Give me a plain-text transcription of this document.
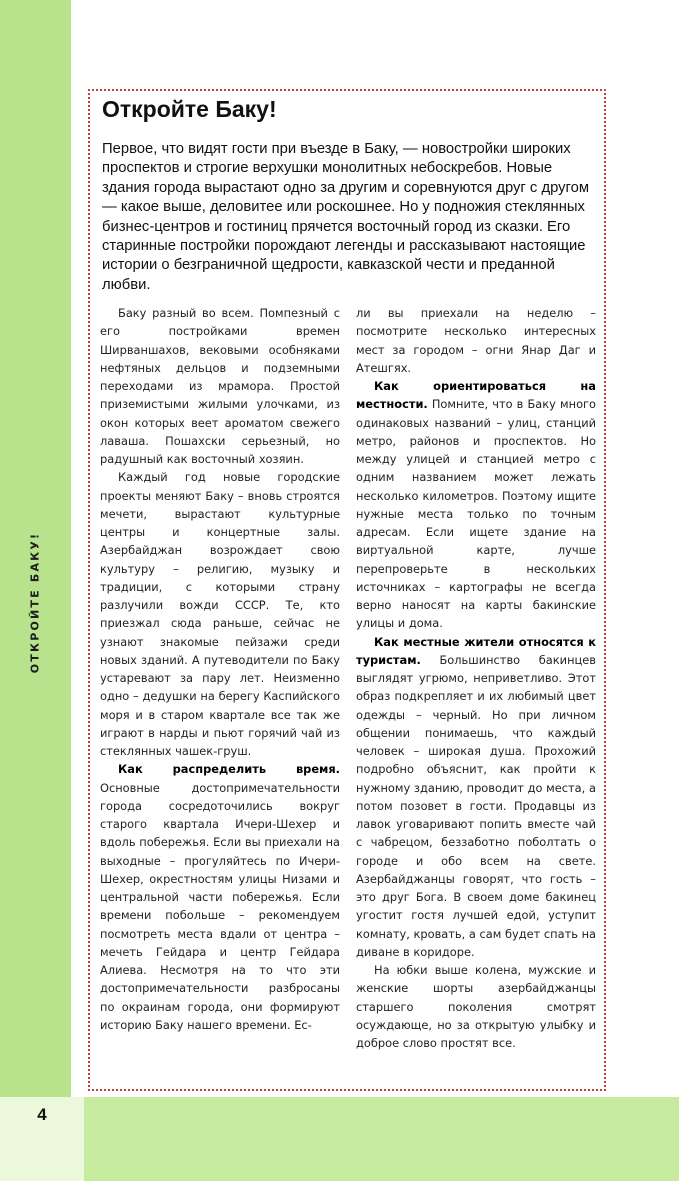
ОТКРОЙТЕ БАКУ!
Откройте Баку!

Первое, что видят гости при въезде в Баку, — новостройки широких проспектов и строгие верхушки монолитных небоскребов. Новые здания города вырастают одно за другим и соревнуются друг с другом — какое выше, деловитее или роскошнее. Но у подножия стеклянных бизнес-центров и гостиниц прячется восточный город из сказки. Его старинные постройки порождают легенды и рассказывают настоящие истории о безграничной щедрости, кавказской чести и преданной любви.

Баку разный во всем. Помпезный с его постройками времен Ширваншахов, вековыми особняками нефтяных дельцов и подземными переходами из мрамора. Простой приземистыми жилыми улочками, из окон которых веет ароматом свежего лаваша. Пошахски серьезный, но радушный как восточный хозяин.

Каждый год новые городские проекты меняют Баку – вновь строятся мечети, вырастают культурные центры и концертные залы. Азербайджан возрождает свою культуру – религию, музыку и традиции, с которыми страну разлучили вожди СССР. Те, кто приезжал сюда раньше, сейчас не узнают знакомые пейзажи среди новых зданий. А путеводители по Баку устаревают за пару лет. Неизменно одно – дедушки на берегу Каспийского моря и в старом квартале все так же играют в нарды и пьют горячий чай из стеклянных чашек-груш.

Как распределить время. Основные достопримечательности города сосредоточились вокруг старого квартала Ичери-Шехер и вдоль побережья. Если вы приехали на выходные – прогуляйтесь по Ичери-Шехер, окрестностям улицы Низами и центральной части побережья. Если времени побольше – рекомендуем посмотреть места вдали от центра – мечеть Гейдара и центр Гейдара Алиева. Несмотря на то что эти достопримечательности разбросаны по окраинам города, они формируют историю Баку нашего времени. Ес-

ли вы приехали на неделю – посмотрите несколько интересных мест за городом – огни Янар Даг и Атешгях.

Как ориентироваться на местности. Помните, что в Баку много одинаковых названий – улиц, станций метро, районов и проспектов. Но между улицей и станцией метро с одним названием может лежать несколько километров. Поэтому ищите нужные места только по точным адресам. Если ищете здание на виртуальной карте, лучше перепроверьте в нескольких источниках – картографы не всегда верно наносят на карты бакинские улицы и дома.

Как местные жители относятся к туристам. Большинство бакинцев выглядят угрюмо, неприветливо. Этот образ подкрепляет и их любимый цвет одежды – черный. Но при личном общении понимаешь, что каждый человек – широкая душа. Прохожий подробно объяснит, как пройти к нужному зданию, проводит до места, а потом позовет в гости. Продавцы из лавок уговаривают попить вместе чай с чабрецом, беззаботно поболтать о городе и обо всем на свете. Азербайджанцы говорят, что гость – это друг Бога. В своем доме бакинец угостит гостя лучшей едой, уступит комнату, кровать, а сам будет спать на диване в коридоре.

На юбки выше колена, мужские и женские шорты азербайджанцы старшего поколения смотрят осуждающе, но за открытую улыбку и доброе слово простят все.

4
